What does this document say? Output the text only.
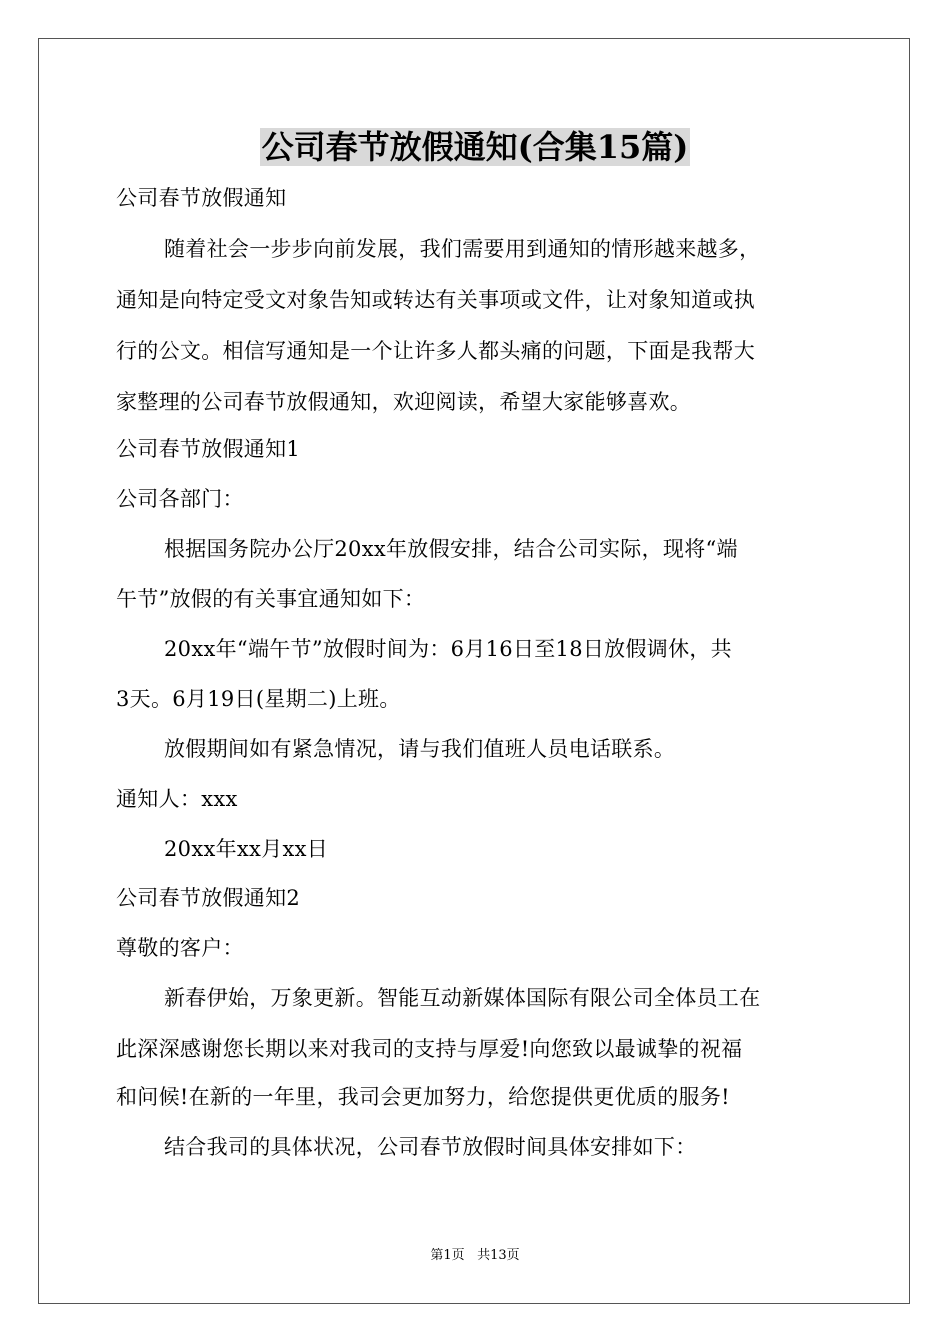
公司春节放假通知(合集15篇)
公司春节放假通知
随着社会一步步向前发展，我们需要用到通知的情形越来越多，
通知是向特定受文对象告知或转达有关事项或文件，让对象知道或执
行的公文。相信写通知是一个让许多人都头痛的问题，下面是我帮大
家整理的公司春节放假通知，欢迎阅读，希望大家能够喜欢。
公司春节放假通知1
公司各部门：
根据国务院办公厅20xx年放假安排，结合公司实际，现将“端
午节”放假的有关事宜通知如下：
20xx年“端午节”放假时间为：6月16日至18日放假调休，共
3天。6月19日(星期二)上班。
放假期间如有紧急情况，请与我们值班人员电话联系。
通知人：xxx
20xx年xx月xx日
公司春节放假通知2
尊敬的客户：
新春伊始，万象更新。智能互动新媒体国际有限公司全体员工在
此深深感谢您长期以来对我司的支持与厚爱!向您致以最诚挚的祝福
和问候!在新的一年里，我司会更加努力，给您提供更优质的服务!
结合我司的具体状况，公司春节放假时间具体安排如下：
第1页 共13页
